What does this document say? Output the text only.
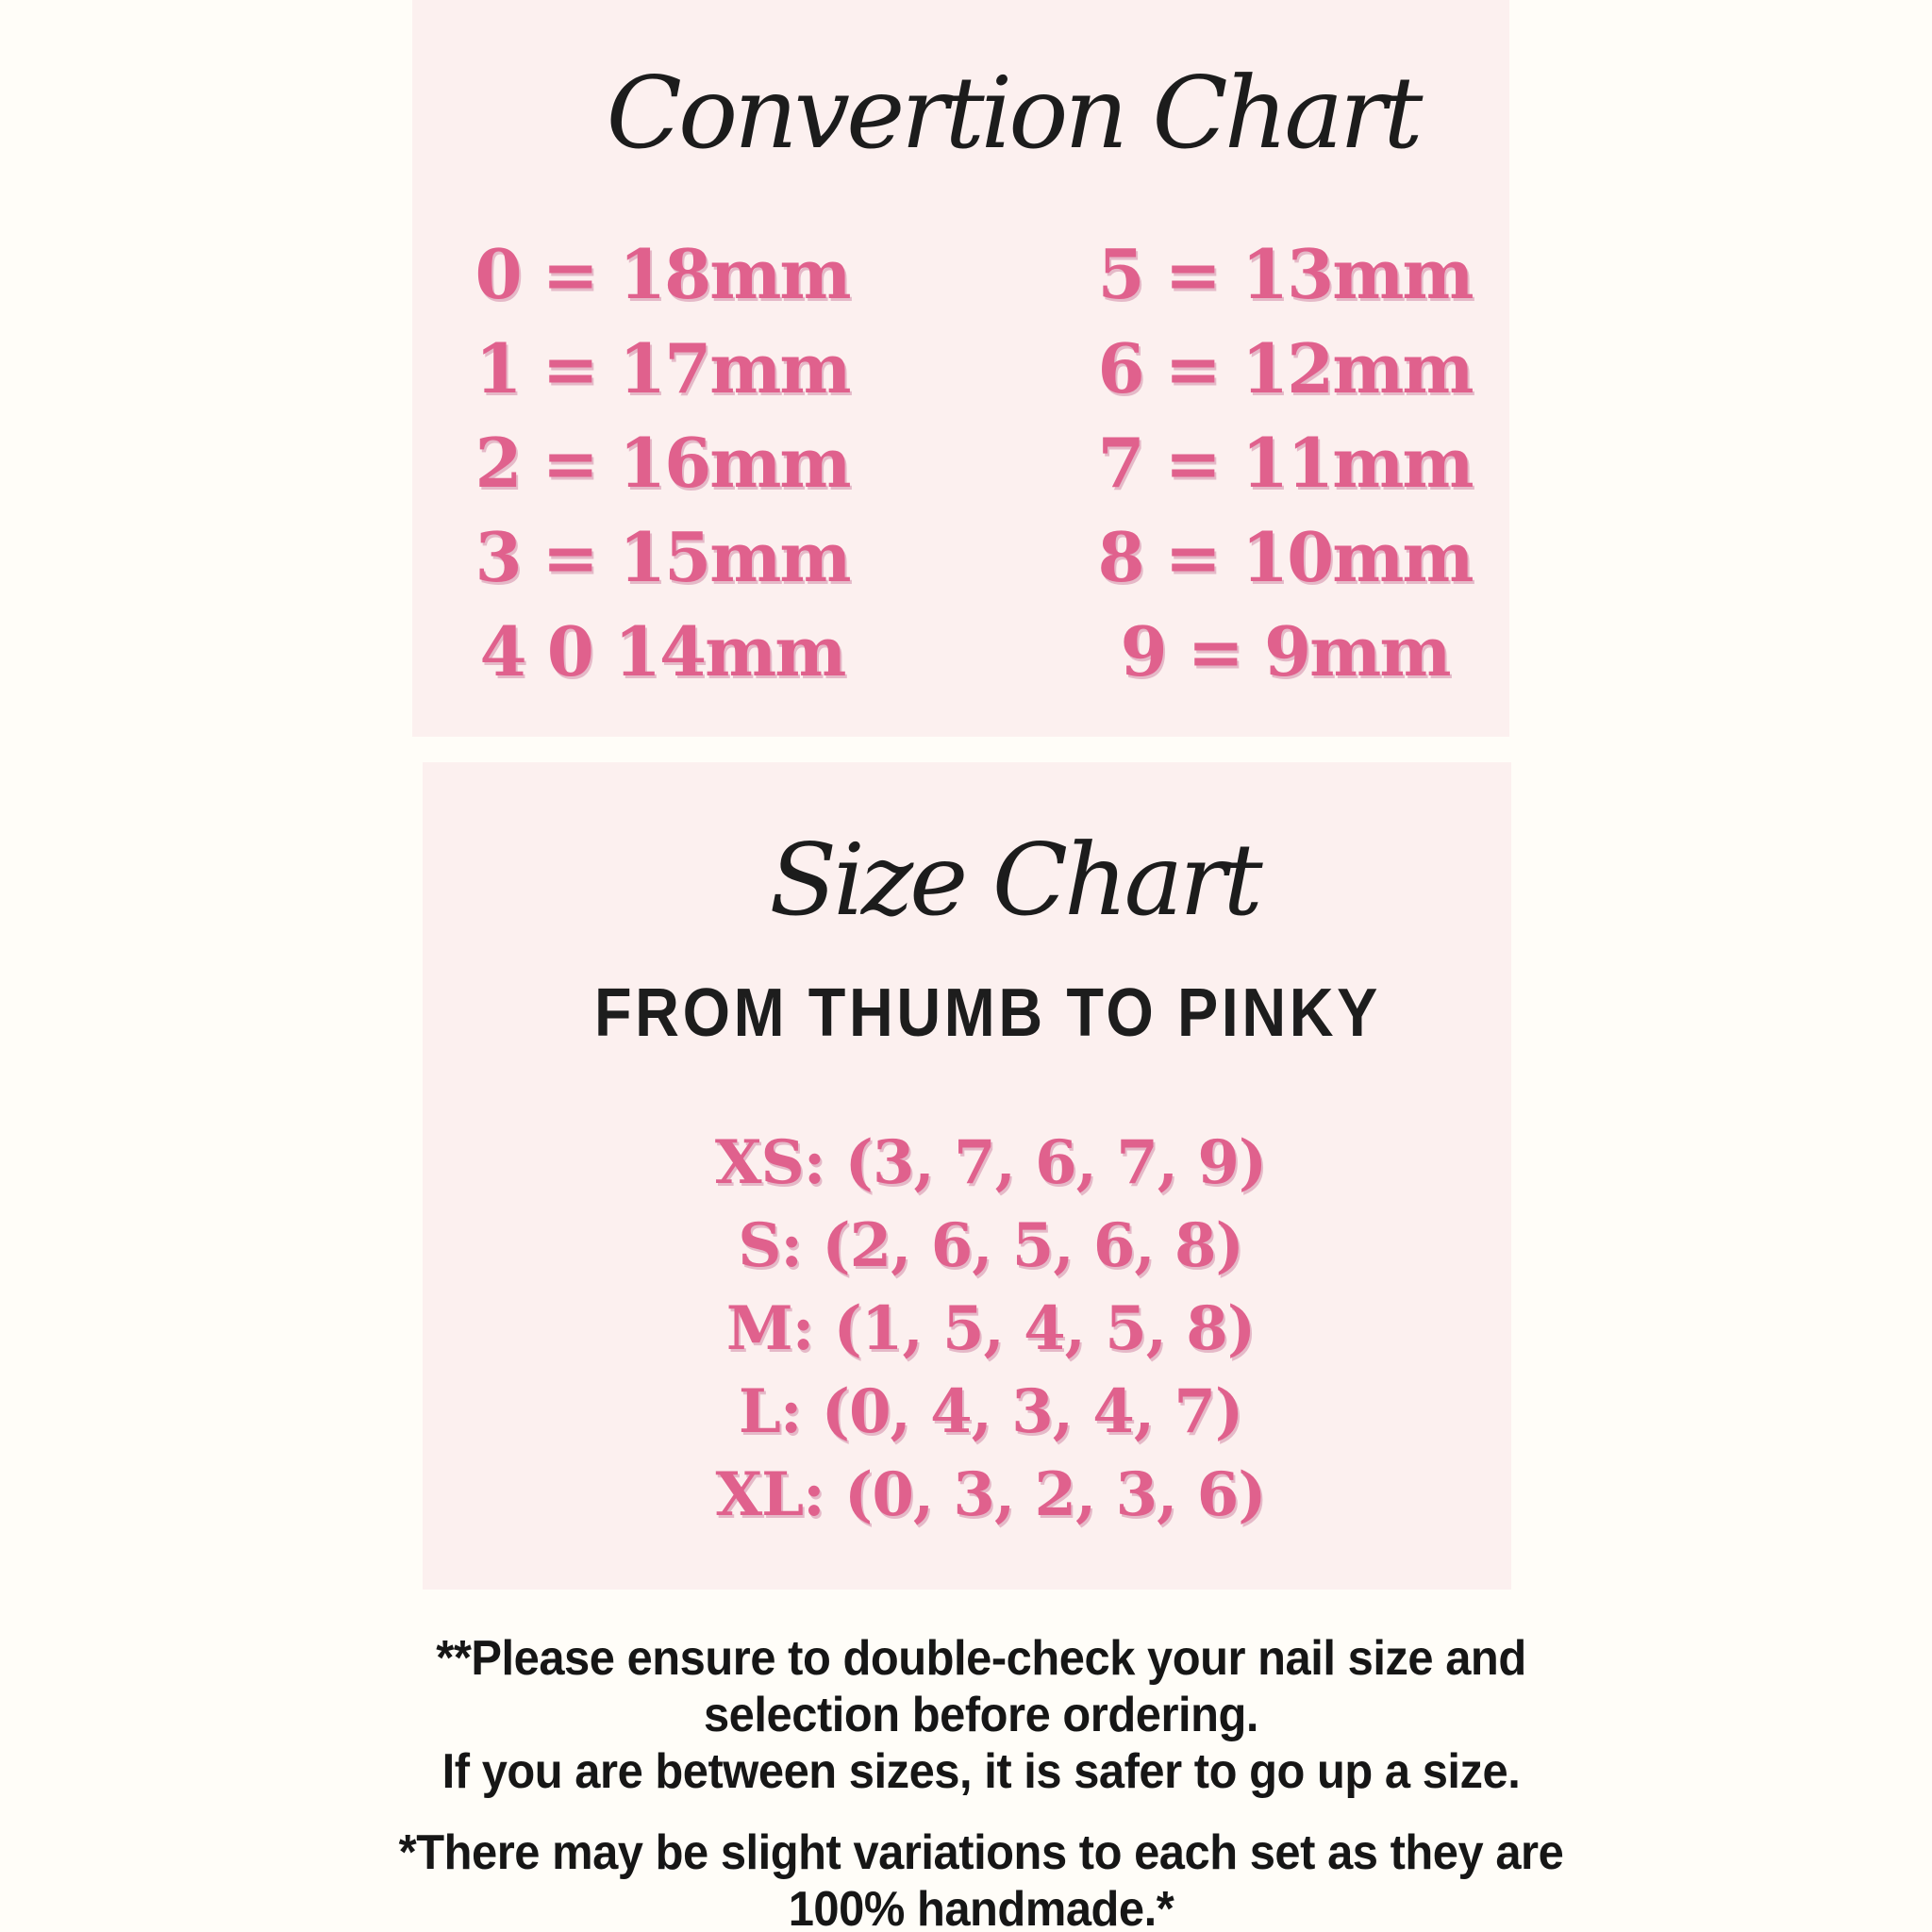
Convertion Chart
0 = 18mm
1 = 17mm
2 = 16mm
3 = 15mm
4 0 14mm
5 = 13mm
6 = 12mm
7 = 11mm
8 = 10mm
9 = 9mm
Size Chart
FROM THUMB TO PINKY
XS: (3, 7, 6, 7, 9)
S: (2, 6, 5, 6, 8)
M: (1, 5, 4, 5, 8)
L: (0, 4, 3, 4, 7)
XL: (0, 3, 2, 3, 6)
**Please ensure to double-check your nail size and
selection before ordering.
If you are between sizes, it is safer to go up a size.
*There may be slight variations to each set as they are
100% handmade.*
